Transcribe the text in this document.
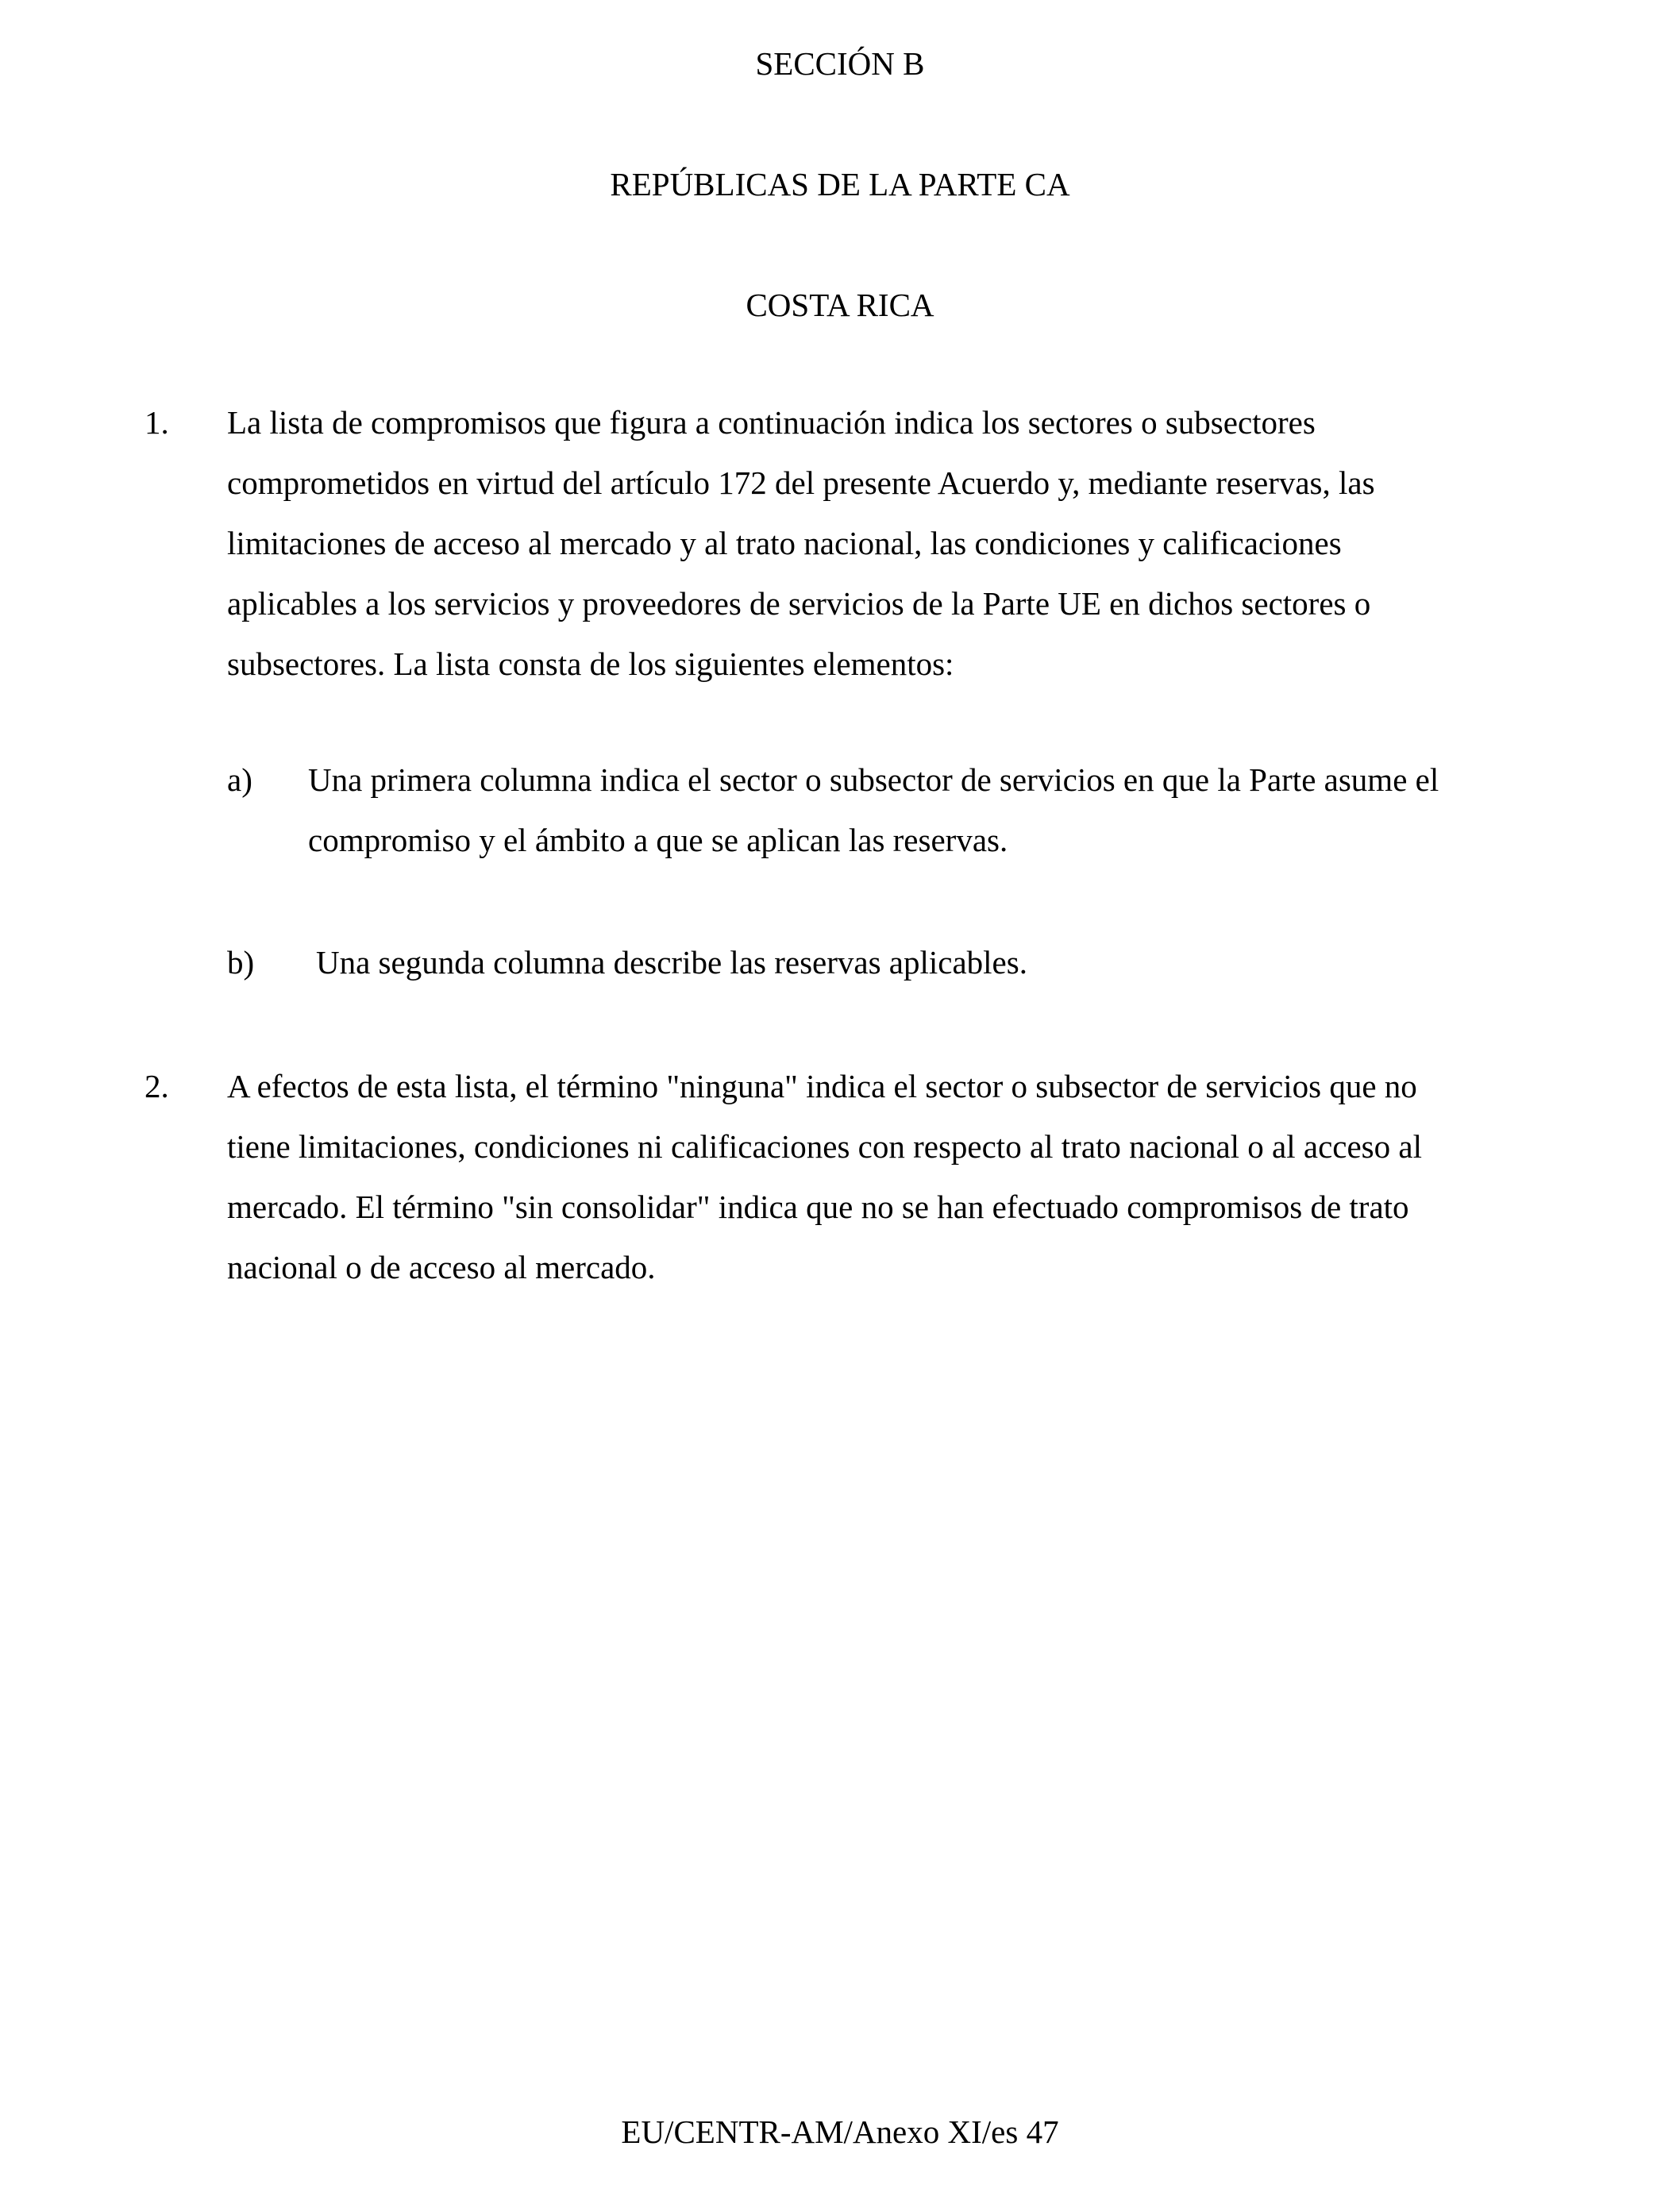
SECCIÓN B
REPÚBLICAS DE LA PARTE CA
COSTA RICA
1. La lista de compromisos que figura a continuación indica los sectores o subsectores
comprometidos en virtud del artículo 172 del presente Acuerdo y, mediante reservas, las
limitaciones de acceso al mercado y al trato nacional, las condiciones y calificaciones
aplicables a los servicios y proveedores de servicios de la Parte UE en dichos sectores o
subsectores. La lista consta de los siguientes elementos:

a) Una primera columna indica el sector o subsector de servicios en que la Parte asume el
compromiso y el ámbito a que se aplican las reservas.

b) Una segunda columna describe las reservas aplicables.

2. A efectos de esta lista, el término "ninguna" indica el sector o subsector de servicios que no
tiene limitaciones, condiciones ni calificaciones con respecto al trato nacional o al acceso al
mercado. El término "sin consolidar" indica que no se han efectuado compromisos de trato
nacional o de acceso al mercado.

EU/CENTR-AM/Anexo XI/es 47
